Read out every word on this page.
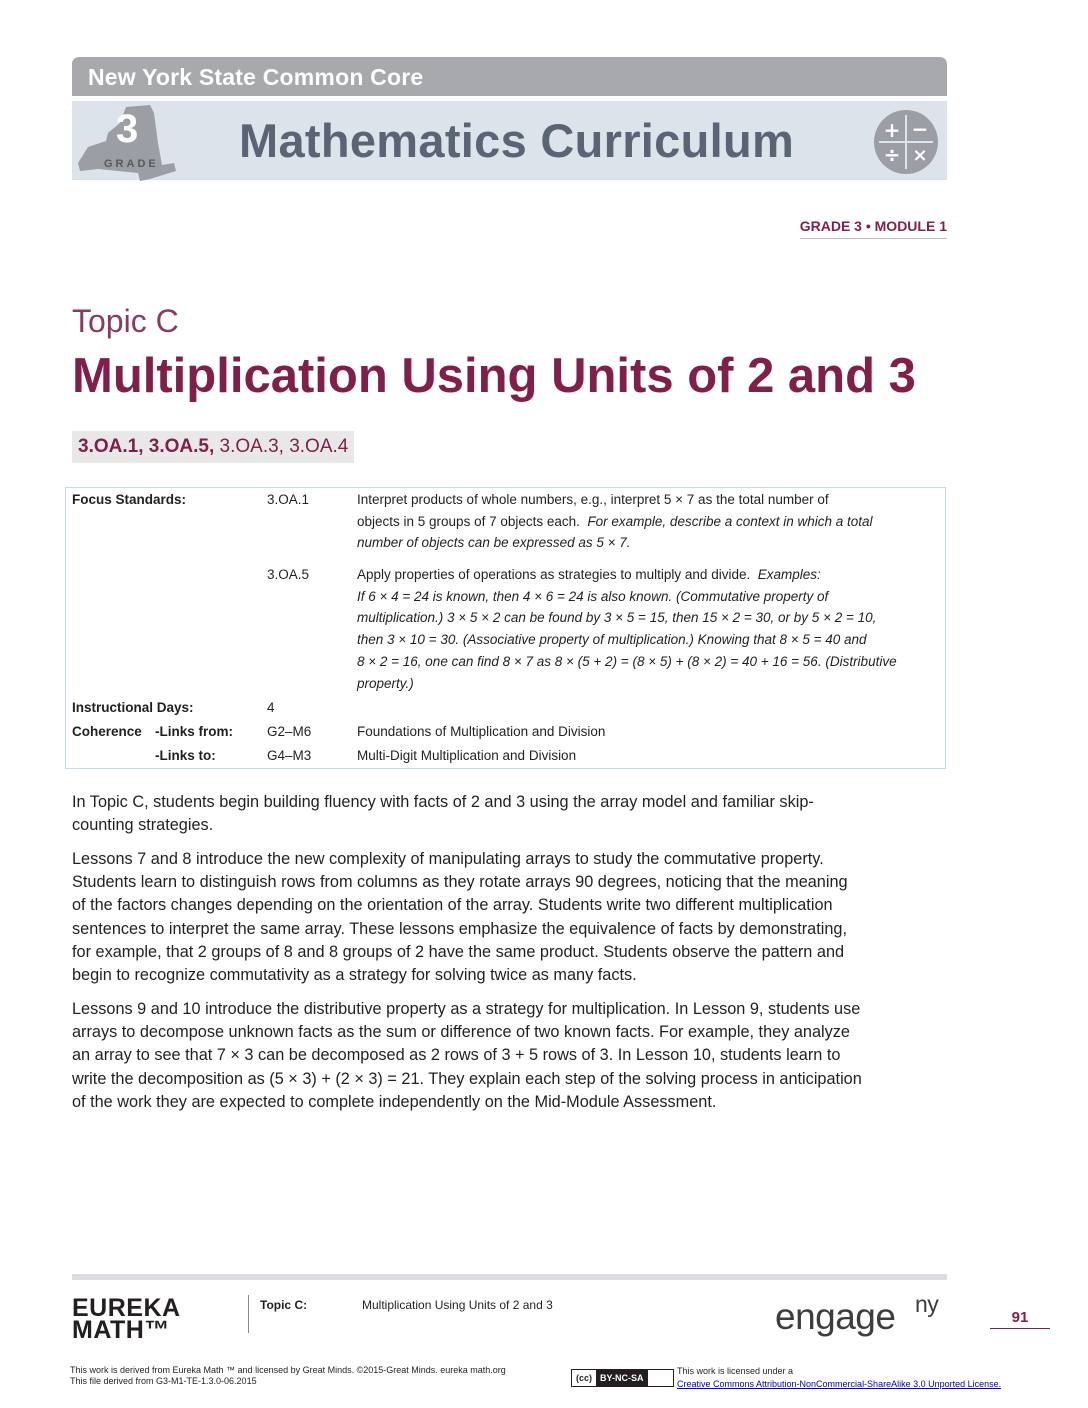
New York State Common Core
3
GRADE Mathematics Curriculum	+ −
÷ ×
GRADE 3 • MODULE 1
Topic C
Multiplication Using Units of 2 and 3
3.OA.1, 3.OA.5, 3.OA.3, 3.OA.4
Focus Standards:	3.OA.1	Interpret products of whole numbers, e.g., interpret 5 × 7 as the total number of
objects in 5 groups of 7 objects each. For example, describe a context in which a total
number of objects can be expressed as 5 × 7.
3.OA.5	Apply properties of operations as strategies to multiply and divide. Examples:
If 6 × 4 = 24 is known, then 4 × 6 = 24 is also known. (Commutative property of
multiplication.) 3 × 5 × 2 can be found by 3 × 5 = 15, then 15 × 2 = 30, or by 5 × 2 = 10,
then 3 × 10 = 30. (Associative property of multiplication.) Knowing that 8 × 5 = 40 and
8 × 2 = 16, one can find 8 × 7 as 8 × (5 + 2) = (8 × 5) + (8 × 2) = 40 + 16 = 56. (Distributive
property.)
Instructional Days:	4
Coherence -Links from:	G2–M6	Foundations of Multiplication and Division
-Links to:	G4–M3	Multi-Digit Multiplication and Division
In Topic C, students begin building fluency with facts of 2 and 3 using the array model and familiar skip-
counting strategies.
Lessons 7 and 8 introduce the new complexity of manipulating arrays to study the commutative property.
Students learn to distinguish rows from columns as they rotate arrays 90 degrees, noticing that the meaning
of the factors changes depending on the orientation of the array. Students write two different multiplication
sentences to interpret the same array. These lessons emphasize the equivalence of facts by demonstrating,
for example, that 2 groups of 8 and 8 groups of 2 have the same product. Students observe the pattern and
begin to recognize commutativity as a strategy for solving twice as many facts.
Lessons 9 and 10 introduce the distributive property as a strategy for multiplication. In Lesson 9, students use
arrays to decompose unknown facts as the sum or difference of two known facts. For example, they analyze
an array to see that 7 × 3 can be decomposed as 2 rows of 3 + 5 rows of 3. In Lesson 10, students learn to
write the decomposition as (5 × 3) + (2 × 3) = 21. They explain each step of the solving process in anticipation
of the work they are expected to complete independently on the Mid-Module Assessment.
EUREKA
MATH™
Topic C:	Multiplication Using Units of 2 and 3	engage ny
91
This work is derived from Eureka Math ™ and licensed by Great Minds. ©2015-Great Minds. eureka math.org
This file derived from G3-M1-TE-1.3.0-06.2015	(cc) BY-NC-SA
This work is licensed under a
Creative Commons Attribution-NonCommercial-ShareAlike 3.0 Unported License.
